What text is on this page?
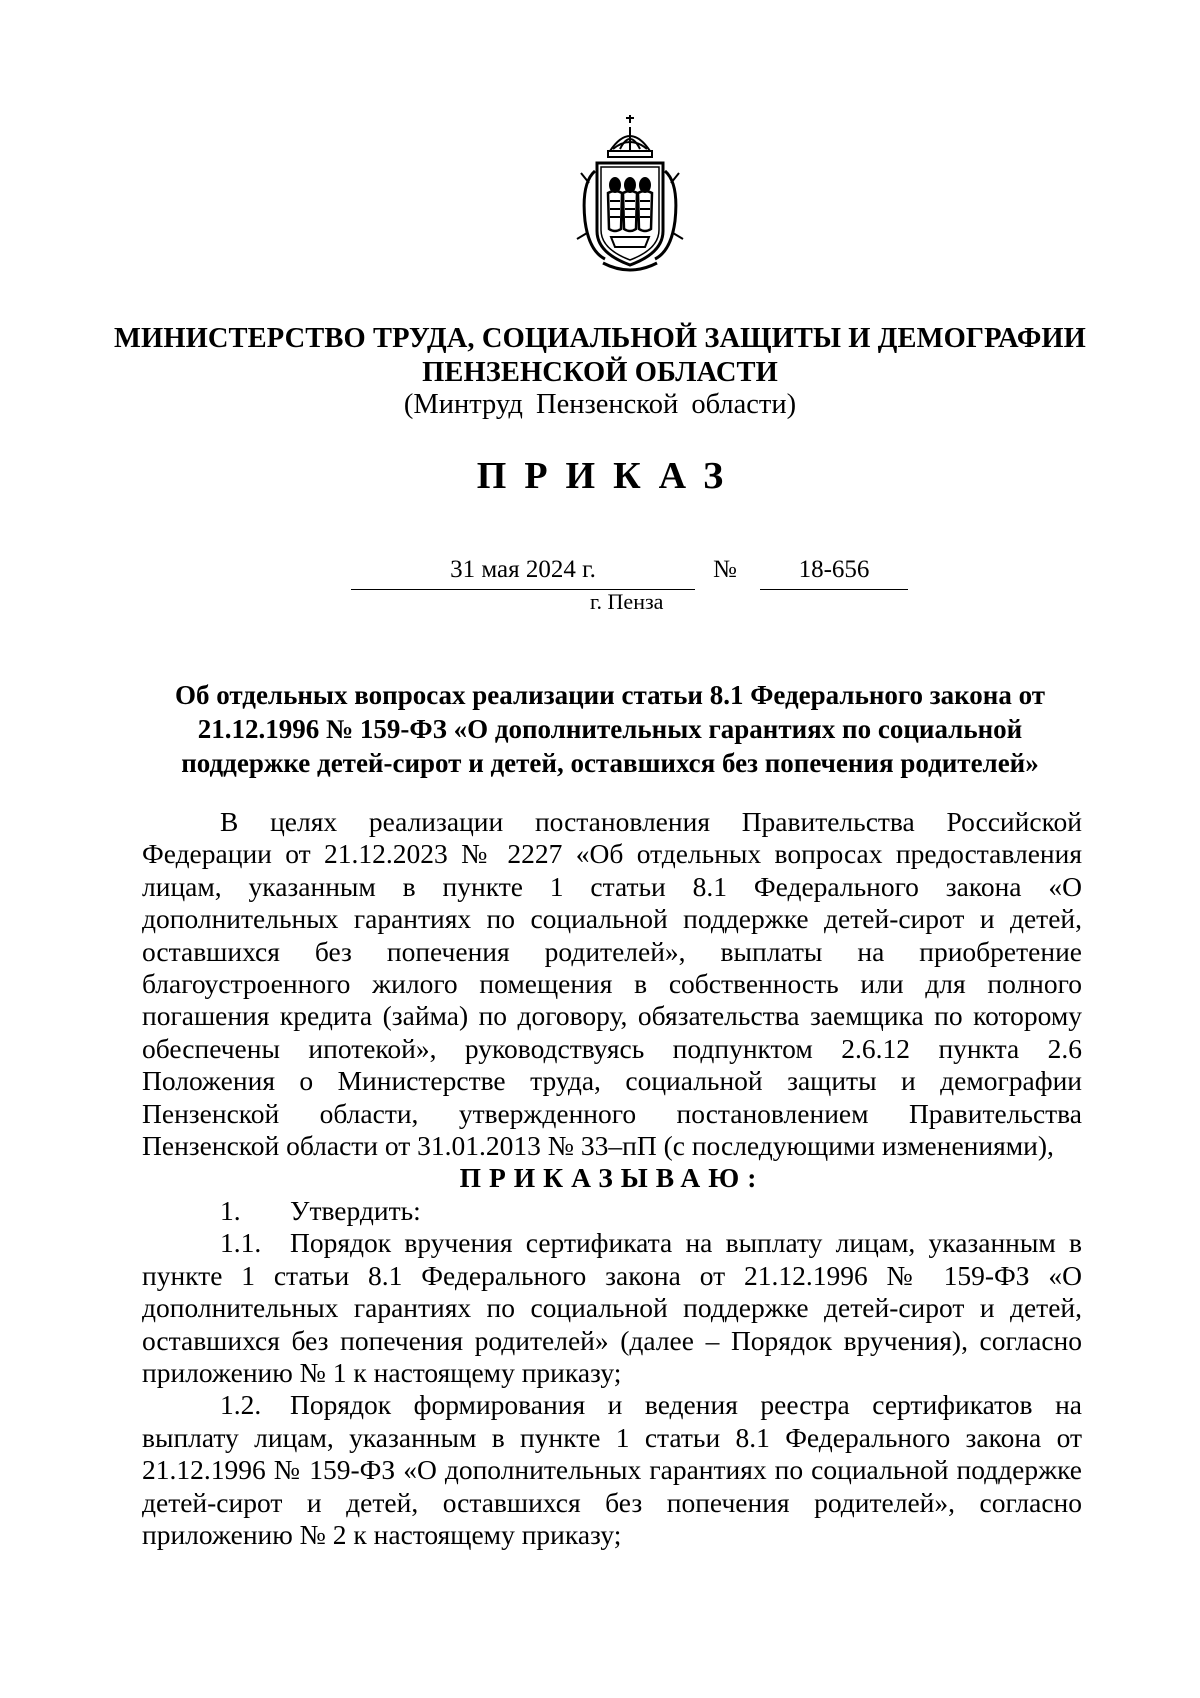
МИНИСТЕРСТВО ТРУДА, СОЦИАЛЬНОЙ ЗАЩИТЫ И ДЕМОГРАФИИ
ПЕНЗЕНСКОЙ ОБЛАСТИ
(Минтруд Пензенской области)
ПРИКАЗ
31 мая 2024 г.	№	18-656
г. Пенза
Об отдельных вопросах реализации статьи 8.1 Федерального закона от 21.12.1996 № 159-ФЗ «О дополнительных гарантиях по социальной поддержке детей-сирот и детей, оставшихся без попечения родителей»

В целях реализации постановления Правительства Российской Федерации от 21.12.2023 № 2227 «Об отдельных вопросах предоставления лицам, указанным в пункте 1 статьи 8.1 Федерального закона «О дополнительных гарантиях по социальной поддержке детей-сирот и детей, оставшихся без попечения родителей», выплаты на приобретение благоустроенного жилого помещения в собственность или для полного погашения кредита (займа) по договору, обязательства заемщика по которому обеспечены ипотекой», руководствуясь подпунктом 2.6.12 пункта 2.6 Положения о Министерстве труда, социальной защиты и демографии Пензенской области, утвержденного постановлением Правительства Пензенской области от 31.01.2013 № 33–пП (с последующими изменениями),

ПРИКАЗЫВАЮ:

1. Утвердить:

1.1. Порядок вручения сертификата на выплату лицам, указанным в пункте 1 статьи 8.1 Федерального закона от 21.12.1996 № 159-ФЗ «О дополнительных гарантиях по социальной поддержке детей-сирот и детей, оставшихся без попечения родителей» (далее – Порядок вручения), согласно приложению № 1 к настоящему приказу;

1.2. Порядок формирования и ведения реестра сертификатов на выплату лицам, указанным в пункте 1 статьи 8.1 Федерального закона от 21.12.1996 № 159-ФЗ «О дополнительных гарантиях по социальной поддержке детей-сирот и детей, оставшихся без попечения родителей», согласно приложению № 2 к настоящему приказу;
